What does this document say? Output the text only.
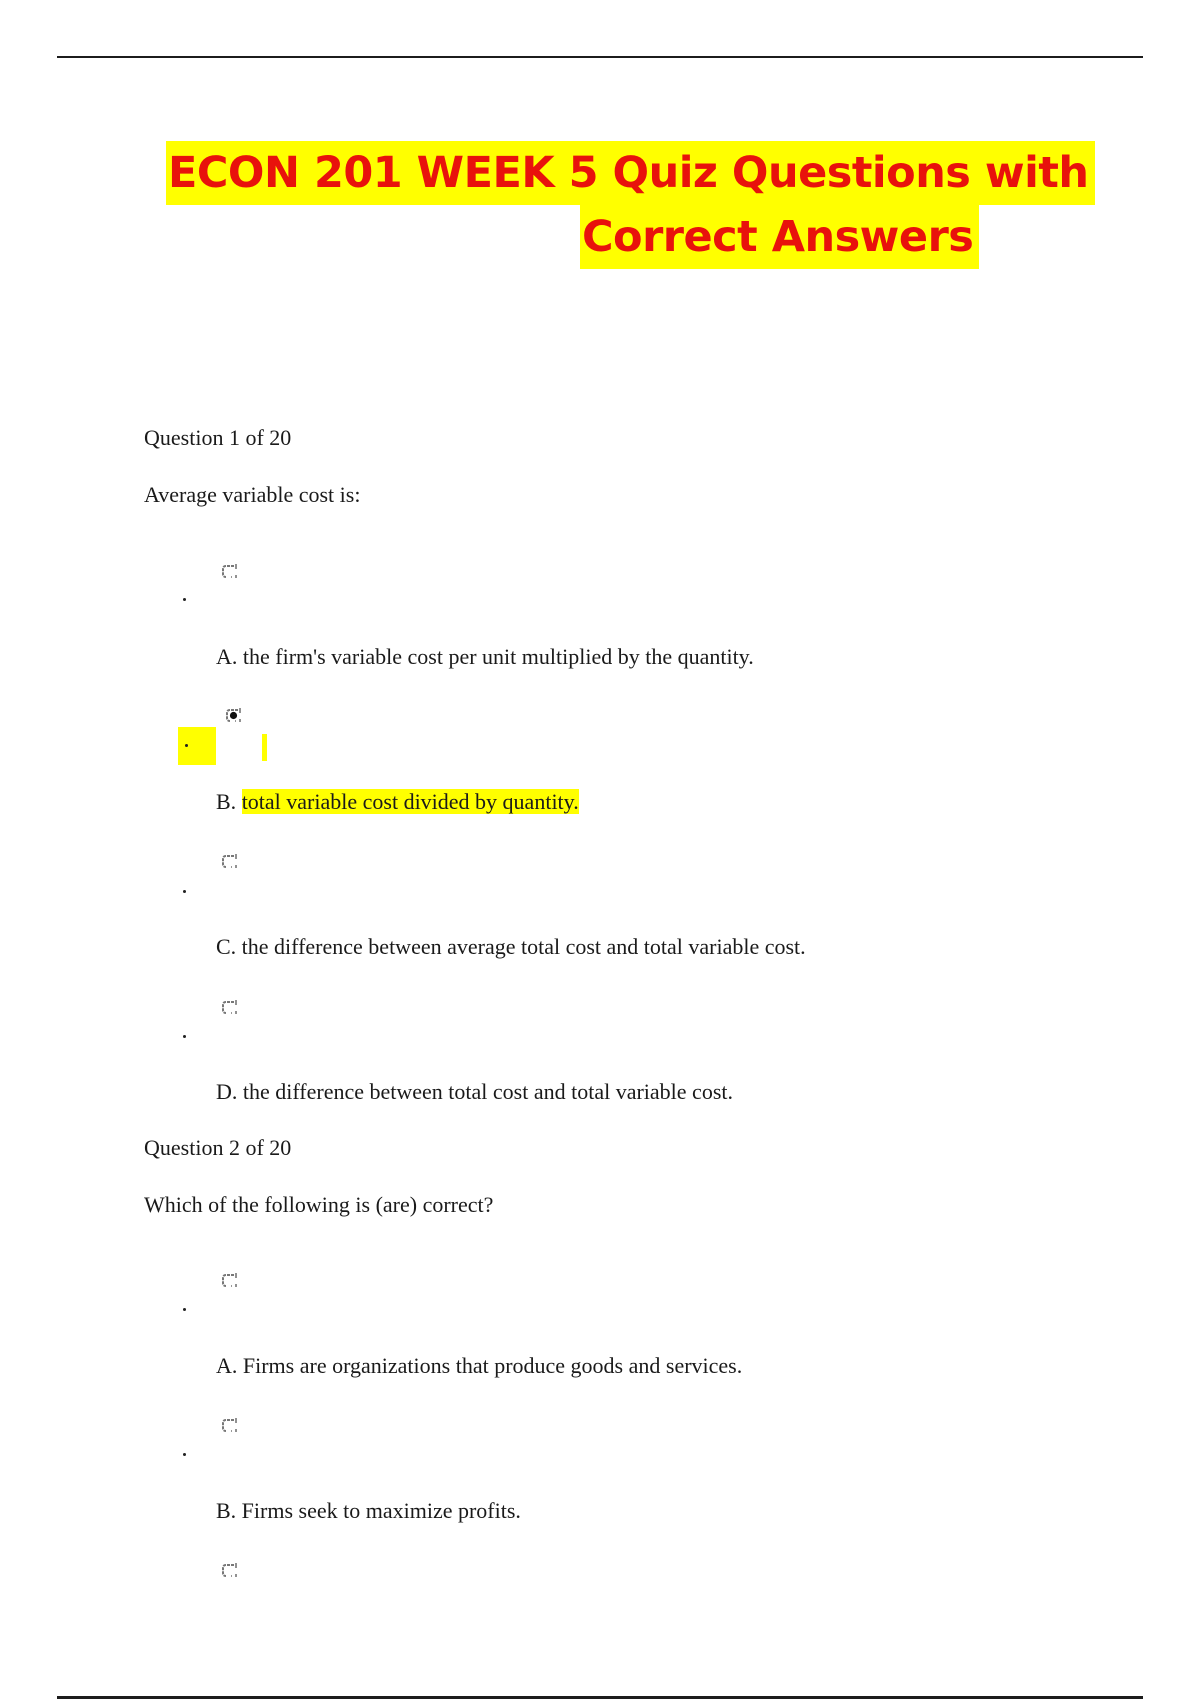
ECON 201 WEEK 5 Quiz Questions with
Correct Answers
Question 1 of 20
Average variable cost is:
A. the firm's variable cost per unit multiplied by the quantity.
B. total variable cost divided by quantity.
C. the difference between average total cost and total variable cost.
D. the difference between total cost and total variable cost.
Question 2 of 20
Which of the following is (are) correct?
A. Firms are organizations that produce goods and services.
B. Firms seek to maximize profits.
